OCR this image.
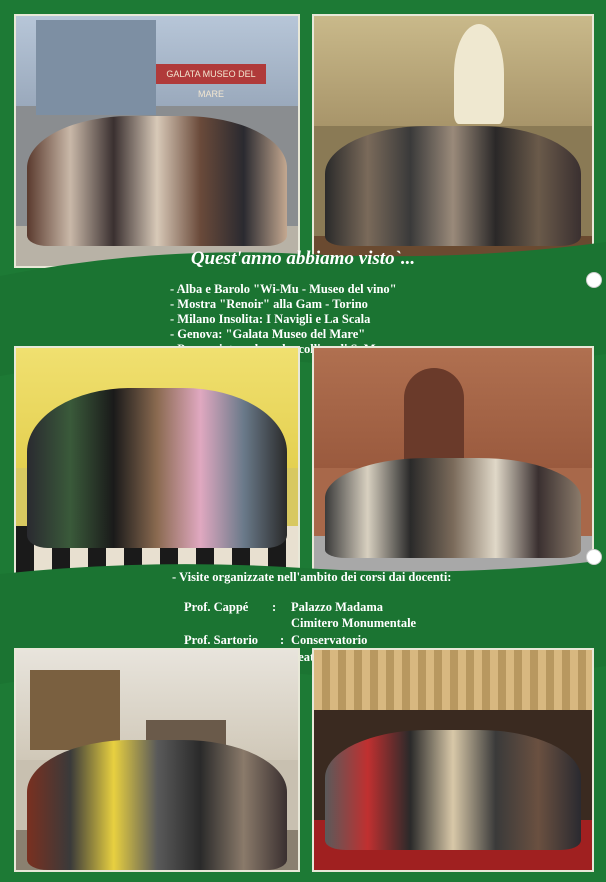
GALATA MUSEO DEL MARE
Quest'anno abbiamo visto`...
- Alba e Barolo "Wi-Mu - Museo del vino"
- Mostra "Renoir" alla Gam - Torino
- Milano Insolita: I Navigli e La Scala
- Genova: "Galata Museo del Mare"
- Visite organizzate nell'ambito dei corsi dai docenti:
Prof. Cappé : Palazzo Madama
Cimitero Monumentale
Prof. Sartorio : Conservatorio
Teatro
